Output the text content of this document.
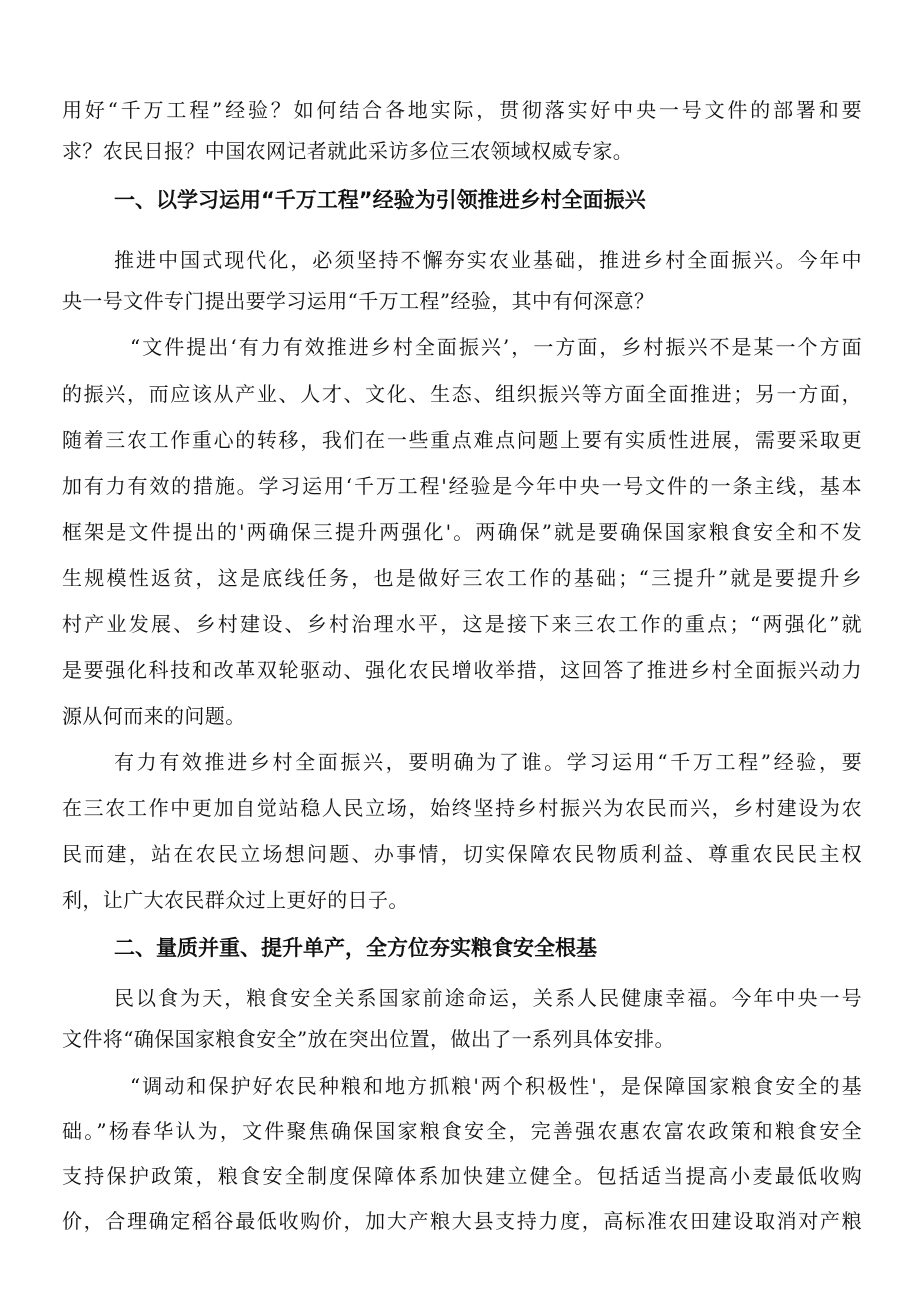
用好“千万工程”经验？如何结合各地实际，贯彻落实好中央一号文件的部署和要
求？农民日报？中国农网记者就此采访多位三农领域权威专家。
一、以学习运用“千万工程”经验为引领推进乡村全面振兴
推进中国式现代化，必须坚持不懈夯实农业基础，推进乡村全面振兴。今年中
央一号文件专门提出要学习运用“千万工程”经验，其中有何深意？
“文件提出‘有力有效推进乡村全面振兴’，一方面，乡村振兴不是某一个方面
的振兴，而应该从产业、人才、文化、生态、组织振兴等方面全面推进；另一方面，
随着三农工作重心的转移，我们在一些重点难点问题上要有实质性进展，需要采取更
加有力有效的措施。学习运用‘千万工程'经验是今年中央一号文件的一条主线，基本
框架是文件提出的'两确保三提升两强化'。两确保”就是要确保国家粮食安全和不发
生规模性返贫，这是底线任务，也是做好三农工作的基础；“三提升”就是要提升乡
村产业发展、乡村建设、乡村治理水平，这是接下来三农工作的重点；“两强化”就
是要强化科技和改革双轮驱动、强化农民增收举措，这回答了推进乡村全面振兴动力
源从何而来的问题。
有力有效推进乡村全面振兴，要明确为了谁。学习运用“千万工程”经验，要
在三农工作中更加自觉站稳人民立场，始终坚持乡村振兴为农民而兴，乡村建设为农
民而建，站在农民立场想问题、办事情，切实保障农民物质利益、尊重农民民主权
利，让广大农民群众过上更好的日子。
二、量质并重、提升单产，全方位夯实粮食安全根基
民以食为天，粮食安全关系国家前途命运，关系人民健康幸福。今年中央一号
文件将“确保国家粮食安全”放在突出位置，做出了一系列具体安排。
“调动和保护好农民种粮和地方抓粮'两个积极性'，是保障国家粮食安全的基
础。”杨春华认为，文件聚焦确保国家粮食安全，完善强农惠农富农政策和粮食安全
支持保护政策，粮食安全制度保障体系加快建立健全。包括适当提高小麦最低收购
价，合理确定稻谷最低收购价，加大产粮大县支持力度，高标准农田建设取消对产粮
